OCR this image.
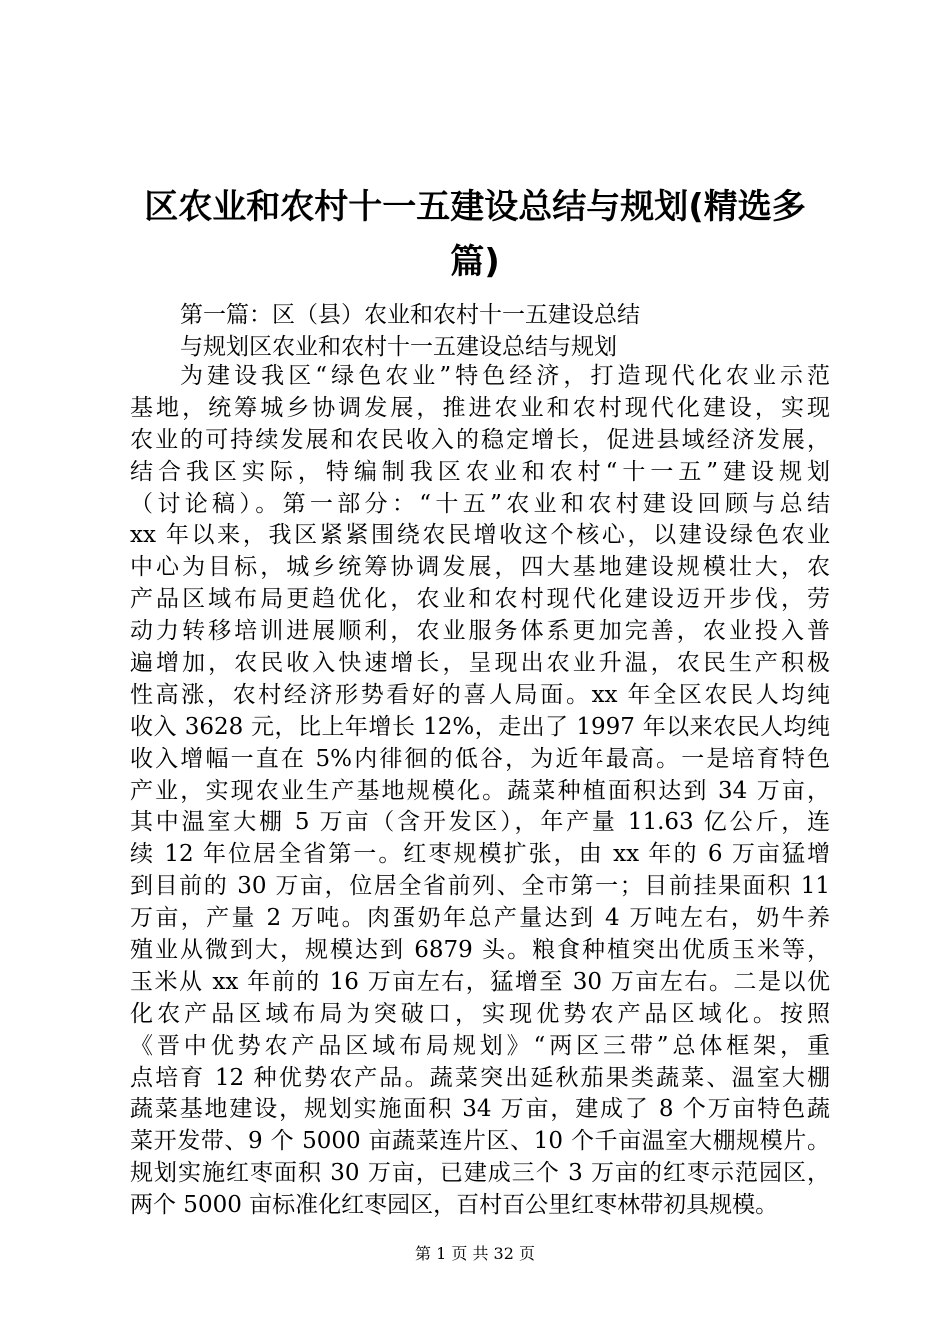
区农业和农村十一五建设总结与规划(精选多
篇)

第一篇：区（县）农业和农村十一五建设总结

与规划区农业和农村十一五建设总结与规划

为建设我区“绿色农业”特色经济，打造现代化农业示范
基地，统筹城乡协调发展，推进农业和农村现代化建设，实现
农业的可持续发展和农民收入的稳定增长，促进县域经济发展，
结合我区实际，特编制我区农业和农村“十一五”建设规划
（讨论稿）。第一部分：“十五”农业和农村建设回顾与总结
xx 年以来，我区紧紧围绕农民增收这个核心，以建设绿色农业
中心为目标，城乡统筹协调发展，四大基地建设规模壮大，农
产品区域布局更趋优化，农业和农村现代化建设迈开步伐，劳
动力转移培训进展顺利，农业服务体系更加完善，农业投入普
遍增加，农民收入快速增长，呈现出农业升温，农民生产积极
性高涨，农村经济形势看好的喜人局面。xx 年全区农民人均纯
收入 3628 元，比上年增长 12%，走出了 1997 年以来农民人均纯
收入增幅一直在 5%内徘徊的低谷，为近年最高。一是培育特色
产业，实现农业生产基地规模化。蔬菜种植面积达到 34 万亩，
其中温室大棚 5 万亩（含开发区），年产量 11.63 亿公斤，连
续 12 年位居全省第一。红枣规模扩张，由 xx 年的 6 万亩猛增
到目前的 30 万亩，位居全省前列、全市第一；目前挂果面积 11
万亩，产量 2 万吨。肉蛋奶年总产量达到 4 万吨左右，奶牛养
殖业从微到大，规模达到 6879 头。粮食种植突出优质玉米等，
玉米从 xx 年前的 16 万亩左右，猛增至 30 万亩左右。二是以优
化农产品区域布局为突破口，实现优势农产品区域化。按照
《晋中优势农产品区域布局规划》“两区三带”总体框架，重
点培育 12 种优势农产品。蔬菜突出延秋茄果类蔬菜、温室大棚
蔬菜基地建设，规划实施面积 34 万亩，建成了 8 个万亩特色蔬
菜开发带、9 个 5000 亩蔬菜连片区、10 个千亩温室大棚规模片。
规划实施红枣面积 30 万亩，已建成三个 3 万亩的红枣示范园区，
两个 5000 亩标准化红枣园区，百村百公里红枣林带初具规模。
第 1 页 共 32 页
